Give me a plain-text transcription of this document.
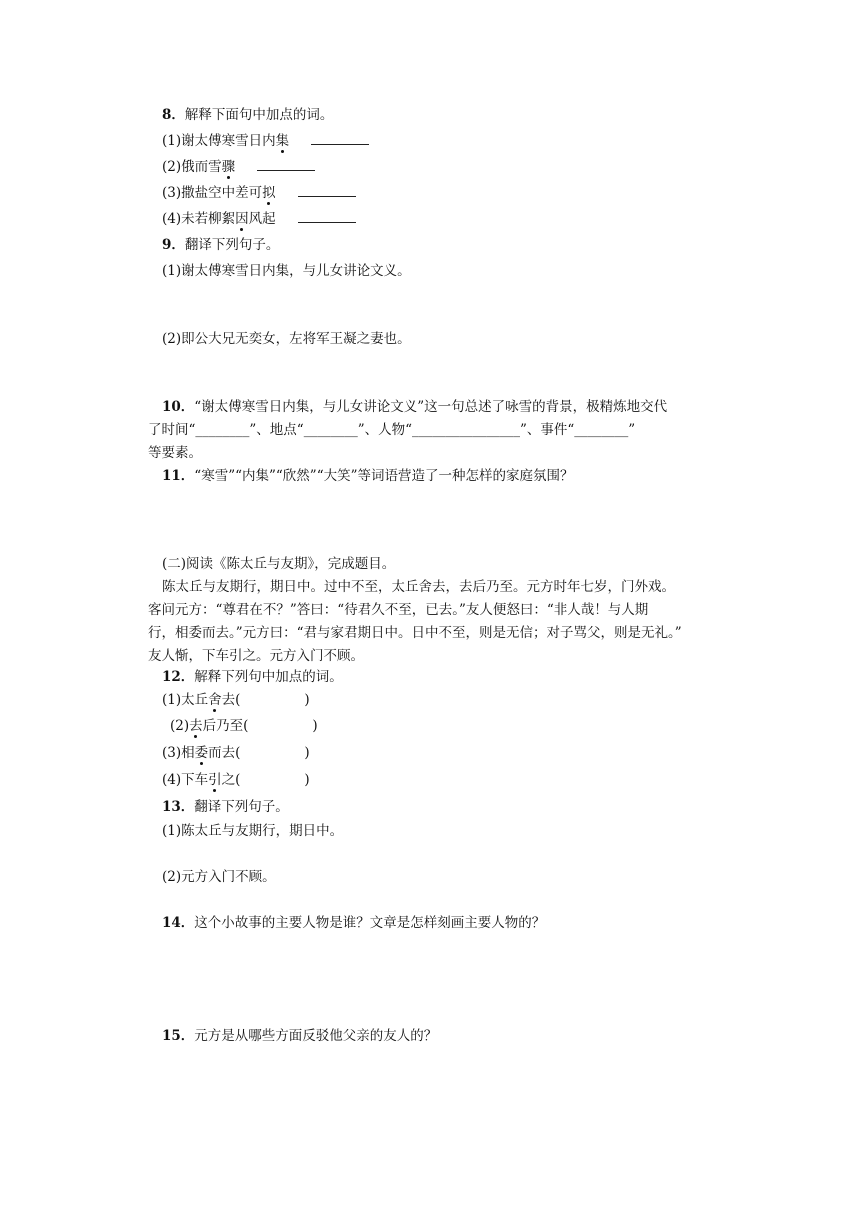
8．解释下面句中加点的词。
(1)谢太傅寒雪日内集
(2)俄而雪骤
(3)撒盐空中差可拟
(4)未若柳絮因风起
9．翻译下列句子。
(1)谢太傅寒雪日内集，与儿女讲论文义。
(2)即公大兄无奕女，左将军王凝之妻也。
10．“谢太傅寒雪日内集，与儿女讲论文义”这一句总述了咏雪的背景，极精炼地交代
了时间“________”、地点“________”、人物“________________”、事件“________”
等要素。
11．“寒雪”“内集”“欣然”“大笑”等词语营造了一种怎样的家庭氛围？
(二)阅读《陈太丘与友期》，完成题目。
陈太丘与友期行，期日中。过中不至，太丘舍去，去后乃至。元方时年七岁，门外戏。
客问元方：“尊君在不？”答曰：“待君久不至，已去。”友人便怒曰：“非人哉！与人期
行，相委而去。”元方曰：“君与家君期日中。日中不至，则是无信；对子骂父，则是无礼。”
友人惭，下车引之。元方入门不顾。
12．解释下列句中加点的词。
(1)太丘舍去(	)
(2)去后乃至(	)
(3)相委而去(	)
(4)下车引之(	)
13．翻译下列句子。
(1)陈太丘与友期行，期日中。
(2)元方入门不顾。
14．这个小故事的主要人物是谁？文章是怎样刻画主要人物的？
15．元方是从哪些方面反驳他父亲的友人的？
